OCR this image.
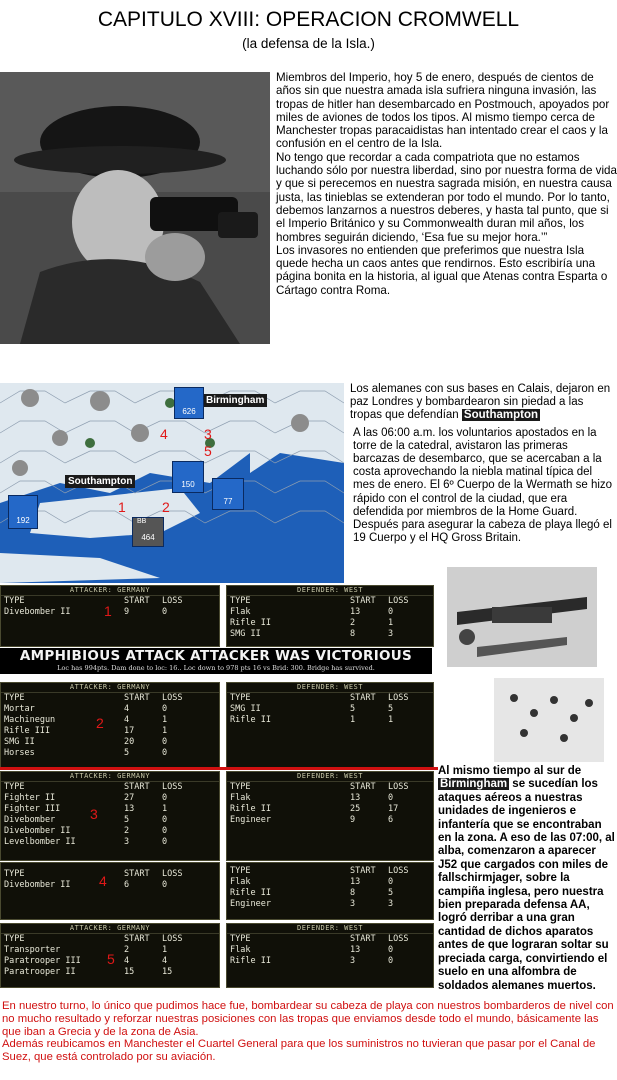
CAPITULO XVIII: OPERACION CROMWELL
(la defensa de la Isla.)

Miembros del Imperio, hoy 5 de enero, después de cientos de años sin que nuestra amada isla sufriera ninguna invasión, las tropas de hitler han desembarcado en Postmouch, apoyados por miles de aviones de todos los tipos. Al mismo tiempo cerca de Manchester tropas paracaidistas han intentado crear el caos y la confusión en el centro de la Isla.

No tengo que recordar a cada compatriota que no estamos luchando sólo por nuestra liberdad, sino por nuestra forma de vida y que si perecemos en nuestra sagrada misión, en nuestra causa justa, las tinieblas se extenderan por todo el mundo. Por lo tanto, debemos lanzarnos a nuestros deberes, y hasta tal punto, que si el Imperio Británico y su Commonwealth duran mil años, los hombres seguirán diciendo, ‘Esa fue su mejor hora.’”

Los invasores no entienden que preferimos que nuestra Isla quede hecha un caos antes que rendirnos. Esto escribiría una página bonita en la historia, al igual que Atenas contra Esparta o Cártago contra Roma.

Birmingham
Southampton
626
150
192
77
464
BB
1	2
4	3
5
Los alemanes con sus bases en Calais, dejaron en paz Londres y bombardearon sin piedad a las tropas que defendían Southampton
A las 06:00 a.m. los voluntarios apostados en la torre de la catedral, avistaron las primeras barcazas de desembarco, que se acercaban a la costa aprovechando la niebla matinal típica del mes de enero. El 6º Cuerpo de la Wermath se hizo rápido con el control de la ciudad, que era defendida por miembros de la Home Guard. Después para asegurar la cabeza de playa llegó el 19 Cuerpo y el HQ Gross Britain.
ATTACKER: GERMANY
TYPE	START LOSS
Divebomber II	9	0
1
DEFENDER: WEST
TYPE	START LOSS
Flak	13	0
Rifle II	2	1
SMG II	8	3
AMPHIBIOUS ATTACK ATTACKER WAS VICTORIOUS
Loc has 994pts. Dam done to loc: 16.. Loc down to 978 pts 16 vs Brid: 300. Bridge has survived.
ATTACKER: GERMANY
TYPE	START LOSS
Mortar	4	0
Machinegun	4	1
Rifle III	17	1
SMG II	20	0
Horses	5	0
2
DEFENDER: WEST
TYPE	START LOSS
SMG II	5	5
Rifle II	1	1
ATTACKER: GERMANY
TYPE	START LOSS
Fighter II	27	0
Fighter III	13	1
Divebomber	5	0
Divebomber II	2	0
Levelbomber II	3	0
3
DEFENDER: WEST
TYPE	START LOSS
Flak	13	0
Rifle II	25	17
Engineer	9	6
TYPE	START LOSS
Divebomber II	6	0
4
TYPE	START LOSS
Flak	13	0
Rifle II	8	5
Engineer	3	3
ATTACKER: GERMANY
TYPE	START LOSS
Transporter	2	1
Paratrooper III	4	4
Paratrooper II	15	15
5
DEFENDER: WEST
TYPE	START LOSS
Flak	13	0
Rifle II	3	0
Al mismo tiempo al sur de Birmingham se sucedían los ataques aéreos a nuestras unidades de ingenieros e infantería que se encontraban en la zona. A eso de las 07:00, al alba, comenzaron a aparecer J52 que cargados con miles de fallschirmjager, sobre la campiña inglesa, pero nuestra bien preparada defensa AA, logró derribar a una gran cantidad de dichos aparatos antes de que lograran soltar su preciada carga, convirtiendo el suelo en una alfombra de soldados alemanes muertos.
En nuestro turno, lo único que pudimos hace fue, bombardear su cabeza de playa con nuestros bombarderos de nivel con no mucho resultado y reforzar nuestras posiciones con las tropas que enviamos desde todo el mundo, básicamente las que iban a Grecia y de la zona de Asia.
Además reubicamos en Manchester el Cuartel General para que los suministros no tuvieran que pasar por el Canal de Suez, que está controlado por su aviación.
